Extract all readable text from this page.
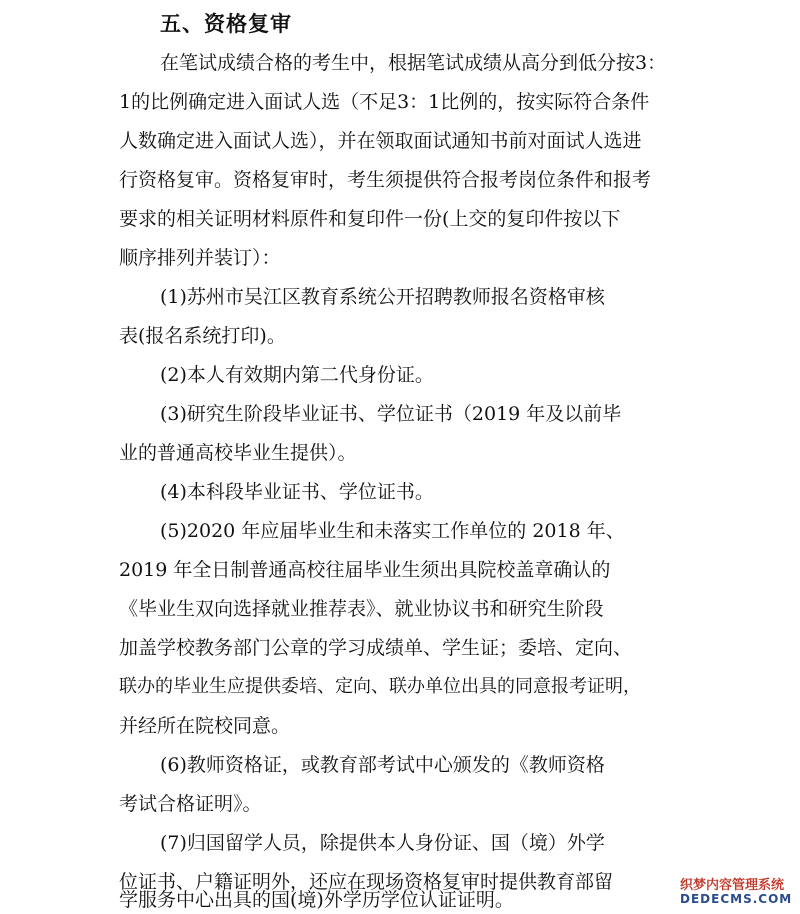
五、资格复审
在笔试成绩合格的考生中，根据笔试成绩从高分到低分按3：
1的比例确定进入面试人选（不足3：1比例的，按实际符合条件
人数确定进入面试人选），并在领取面试通知书前对面试人选进
行资格复审。资格复审时，考生须提供符合报考岗位条件和报考
要求的相关证明材料原件和复印件一份(上交的复印件按以下
顺序排列并装订）：
(1)苏州市吴江区教育系统公开招聘教师报名资格审核
表(报名系统打印)。
(2)本人有效期内第二代身份证。
(3)研究生阶段毕业证书、学位证书（2019 年及以前毕
业的普通高校毕业生提供）。
(4)本科段毕业证书、学位证书。
(5)2020 年应届毕业生和未落实工作单位的 2018 年、
2019 年全日制普通高校往届毕业生须出具院校盖章确认的
《毕业生双向选择就业推荐表》、就业协议书和研究生阶段
加盖学校教务部门公章的学习成绩单、学生证；委培、定向、
联办的毕业生应提供委培、定向、联办单位出具的同意报考证明，
并经所在院校同意。
(6)教师资格证，或教育部考试中心颁发的《教师资格
考试合格证明》。
(7)归国留学人员，除提供本人身份证、国（境）外学
位证书、户籍证明外，还应在现场资格复审时提供教育部留
学服务中心出具的国(境)外学历学位认证证明。
织梦内容管理系统
DEDECMS.COM
